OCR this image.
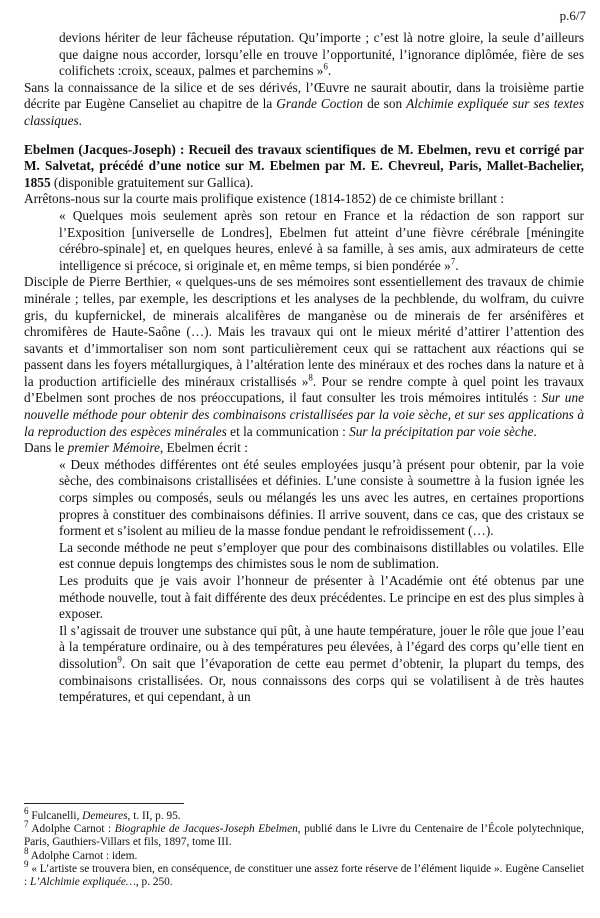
p.6/7

devions hériter de leur fâcheuse réputation. Qu’importe ; c’est là notre gloire, la seule d’ailleurs que daigne nous accorder, lorsqu’elle en trouve l’opportunité, l’ignorance diplômée, fière de ses colifichets :croix, sceaux, palmes et parchemins »$^6$.

Sans la connaissance de la silice et de ses dérivés, l’Œuvre ne saurait aboutir, dans la troisième partie décrite par Eugène Canseliet au chapitre de la Grande Coction de son Alchimie expliquée sur ses textes classiques.

Ebelmen (Jacques-Joseph) : Recueil des travaux scientifiques de M. Ebelmen, revu et corrigé par M. Salvetat, précédé d’une notice sur M. Ebelmen par M. E. Chevreul, Paris, Mallet-Bachelier, 1855 (disponible gratuitement sur Gallica).

Arrêtons-nous sur la courte mais prolifique existence (1814-1852) de ce chimiste brillant :

« Quelques mois seulement après son retour en France et la rédaction de son rapport sur l’Exposition [universelle de Londres], Ebelmen fut atteint d’une fièvre cérébrale [méningite cérébro-spinale] et, en quelques heures, enlevé à sa famille, à ses amis, aux admirateurs de cette intelligence si précoce, si originale et, en même temps, si bien pondérée »$^7$.

Disciple de Pierre Berthier, « quelques-uns de ses mémoires sont essentiellement des travaux de chimie minérale ; telles, par exemple, les descriptions et les analyses de la pechblende, du wolfram, du cuivre gris, du kupfernickel, de minerais alcalifères de manganèse ou de minerais de fer arsénifères et chromifères de Haute-Saône (…). Mais les travaux qui ont le mieux mérité d’attirer l’attention des savants et d’immortaliser son nom sont particulièrement ceux qui se rattachent aux réactions qui se passent dans les foyers métallurgiques, à l’altération lente des minéraux et des roches dans la nature et à la production artificielle des minéraux cristallisés »$^8$. Pour se rendre compte à quel point les travaux d’Ebelmen sont proches de nos préoccupations, il faut consulter les trois mémoires intitulés : Sur une nouvelle méthode pour obtenir des combinaisons cristallisées par la voie sèche, et sur ses applications à la reproduction des espèces minérales et la communication : Sur la précipitation par voie sèche.

Dans le premier Mémoire, Ebelmen écrit :

« Deux méthodes différentes ont été seules employées jusqu’à présent pour obtenir, par la voie sèche, des combinaisons cristallisées et définies. L’une consiste à soumettre à la fusion ignée les corps simples ou composés, seuls ou mélangés les uns avec les autres, en certaines proportions propres à constituer des combinaisons définies. Il arrive souvent, dans ce cas, que des cristaux se forment et s’isolent au milieu de la masse fondue pendant le refroidissement (…).

La seconde méthode ne peut s’employer que pour des combinaisons distillables ou volatiles. Elle est connue depuis longtemps des chimistes sous le nom de sublimation.

Les produits que je vais avoir l’honneur de présenter à l’Académie ont été obtenus par une méthode nouvelle, tout à fait différente des deux précédentes. Le principe en est des plus simples à exposer.

Il s’agissait de trouver une substance qui pût, à une haute température, jouer le rôle que joue l’eau à la température ordinaire, ou à des températures peu élevées, à l’égard des corps qu’elle tient en dissolution$^9$. On sait que l’évaporation de cette eau permet d’obtenir, la plupart du temps, des combinaisons cristallisées. Or, nous connaissons des corps qui se volatilisent à de très hautes températures, et qui cependant, à un

$^6$ Fulcanelli, Demeures, t. II, p. 95.

$^7$ Adolphe Carnot : Biographie de Jacques-Joseph Ebelmen, publié dans le Livre du Centenaire de l’École polytechnique, Paris, Gauthiers-Villars et fils, 1897, tome III.

$^8$ Adolphe Carnot : idem.

$^9$ « L’artiste se trouvera bien, en conséquence, de constituer une assez forte réserve de l’élément liquide ». Eugène Canseliet : L’Alchimie expliquée…, p. 250.
